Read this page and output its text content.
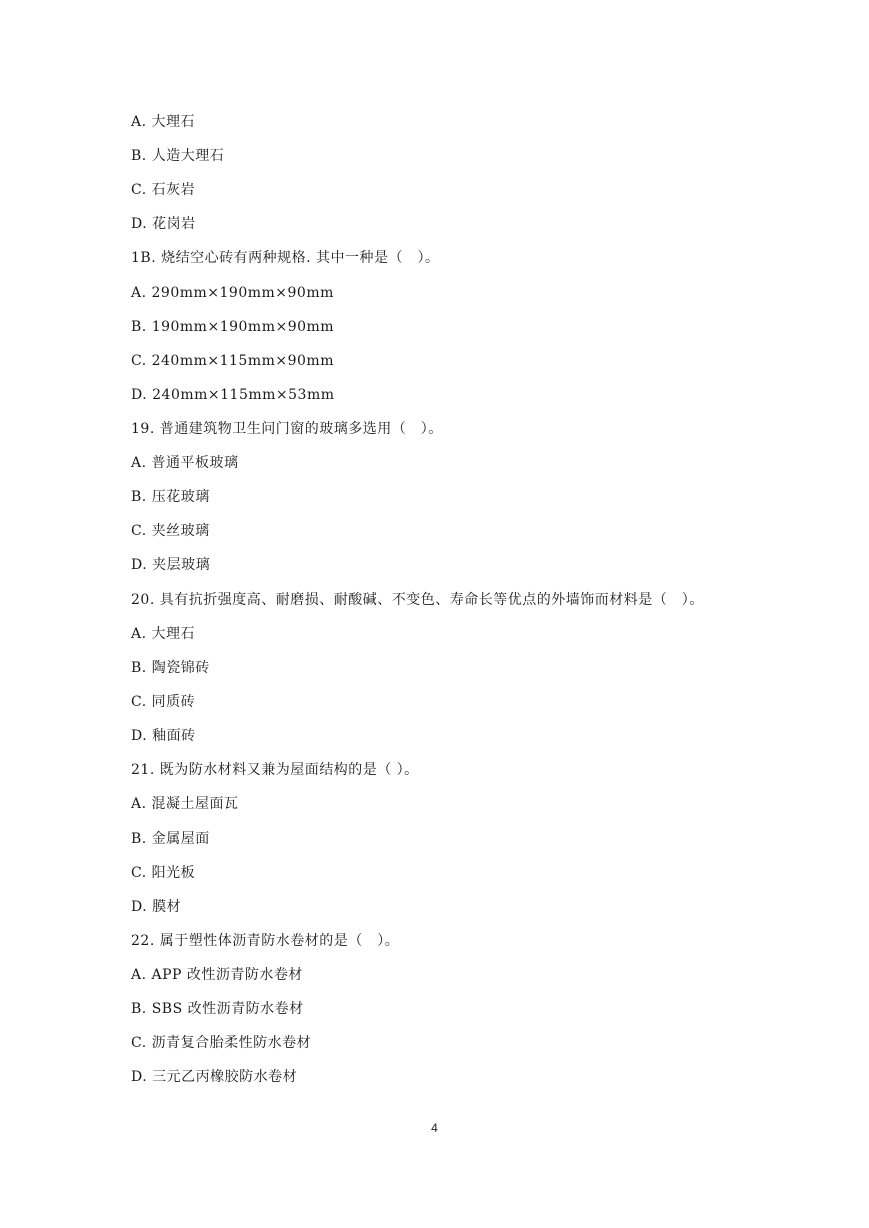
A. 大理石
B. 人造大理石
C. 石灰岩
D. 花岗岩
1B. 烧结空心砖有两种规格. 其中一种是（　）。
A. 290mm×190mm×90mm
B. 190mm×190mm×90mm
C. 240mm×115mm×90mm
D. 240mm×115mm×53mm
19. 普通建筑物卫生问门窗的玻璃多选用（　）。
A. 普通平板玻璃
B. 压花玻璃
C. 夹丝玻璃
D. 夹层玻璃
20. 具有抗折强度高、耐磨损、耐酸碱、不变色、寿命长等优点的外墙饰而材料是（　）。
A. 大理石
B. 陶瓷锦砖
C. 同质砖
D. 釉面砖
21. 既为防水材料又兼为屋面结构的是（ ）。
A. 混凝土屋面瓦
B. 金属屋面
C. 阳光板
D. 膜材
22. 属于塑性体沥青防水卷材的是（　）。
A. APP 改性沥青防水卷材
B. SBS 改性沥青防水卷材
C. 沥青复合胎柔性防水卷材
D. 三元乙丙橡胶防水卷材
4
